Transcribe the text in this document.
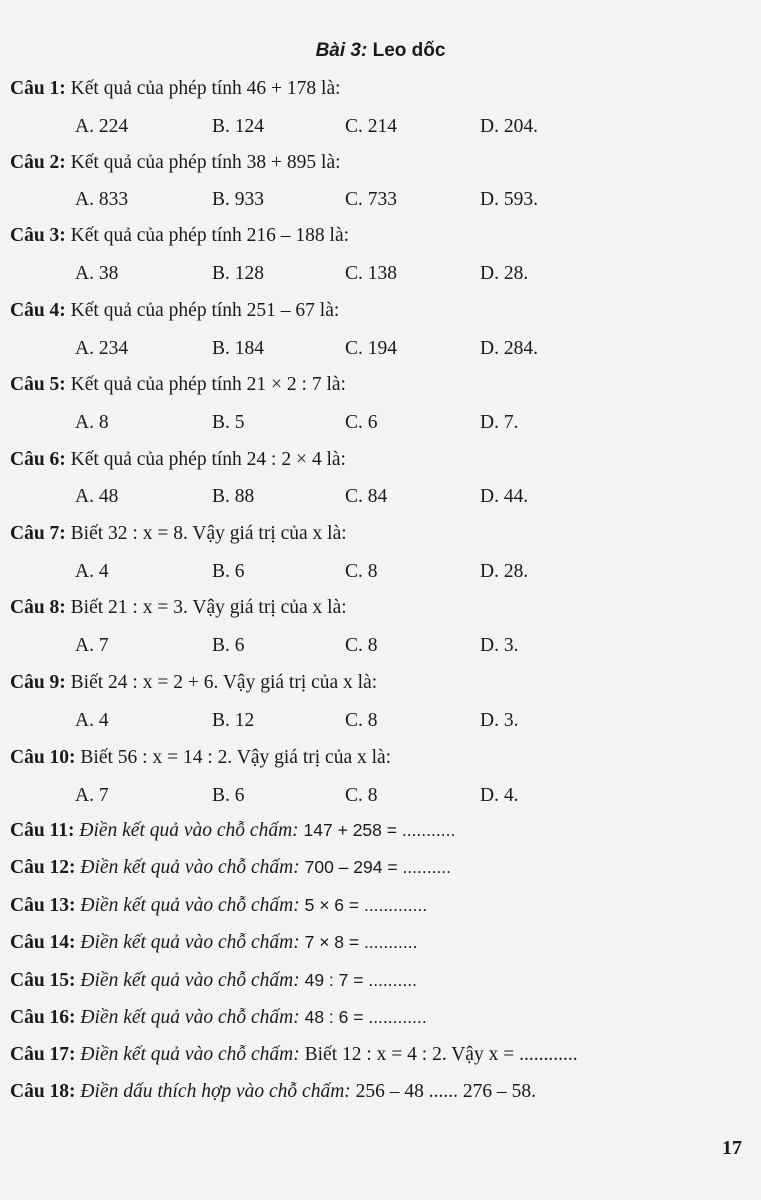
Bài 3: Leo dốc
Câu 1: Kết quả của phép tính 46 + 178 là:
A. 224	B. 124	C. 214	D. 204.
Câu 2: Kết quả của phép tính 38 + 895 là:
A. 833	B. 933	C. 733	D. 593.
Câu 3: Kết quả của phép tính 216 – 188 là:
A. 38	B. 128	C. 138	D. 28.
Câu 4: Kết quả của phép tính 251 – 67 là:
A. 234	B. 184	C. 194	D. 284.
Câu 5: Kết quả của phép tính 21 × 2 : 7 là:
A. 8	B. 5	C. 6	D. 7.
Câu 6: Kết quả của phép tính 24 : 2 × 4 là:
A. 48	B. 88	C. 84	D. 44.
Câu 7: Biết 32 : x = 8. Vậy giá trị của x là:
A. 4	B. 6	C. 8	D. 28.
Câu 8: Biết 21 : x = 3. Vậy giá trị của x là:
A. 7	B. 6	C. 8	D. 3.
Câu 9: Biết 24 : x = 2 + 6. Vậy giá trị của x là:
A. 4	B. 12	C. 8	D. 3.
Câu 10: Biết 56 : x = 14 : 2. Vậy giá trị của x là:
A. 7	B. 6	C. 8	D. 4.
Câu 11: Điền kết quả vào chỗ chấm: 147 + 258 = ...........
Câu 12: Điền kết quả vào chỗ chấm: 700 – 294 = ..........
Câu 13: Điền kết quả vào chỗ chấm: 5 × 6 = .............
Câu 14: Điền kết quả vào chỗ chấm: 7 × 8 = ...........
Câu 15: Điền kết quả vào chỗ chấm: 49 : 7 = ..........
Câu 16: Điền kết quả vào chỗ chấm: 48 : 6 = ............
Câu 17: Điền kết quả vào chỗ chấm: Biết 12 : x = 4 : 2. Vậy x = ............
Câu 18: Điền dấu thích hợp vào chỗ chấm: 256 – 48 ...... 276 – 58.
17
